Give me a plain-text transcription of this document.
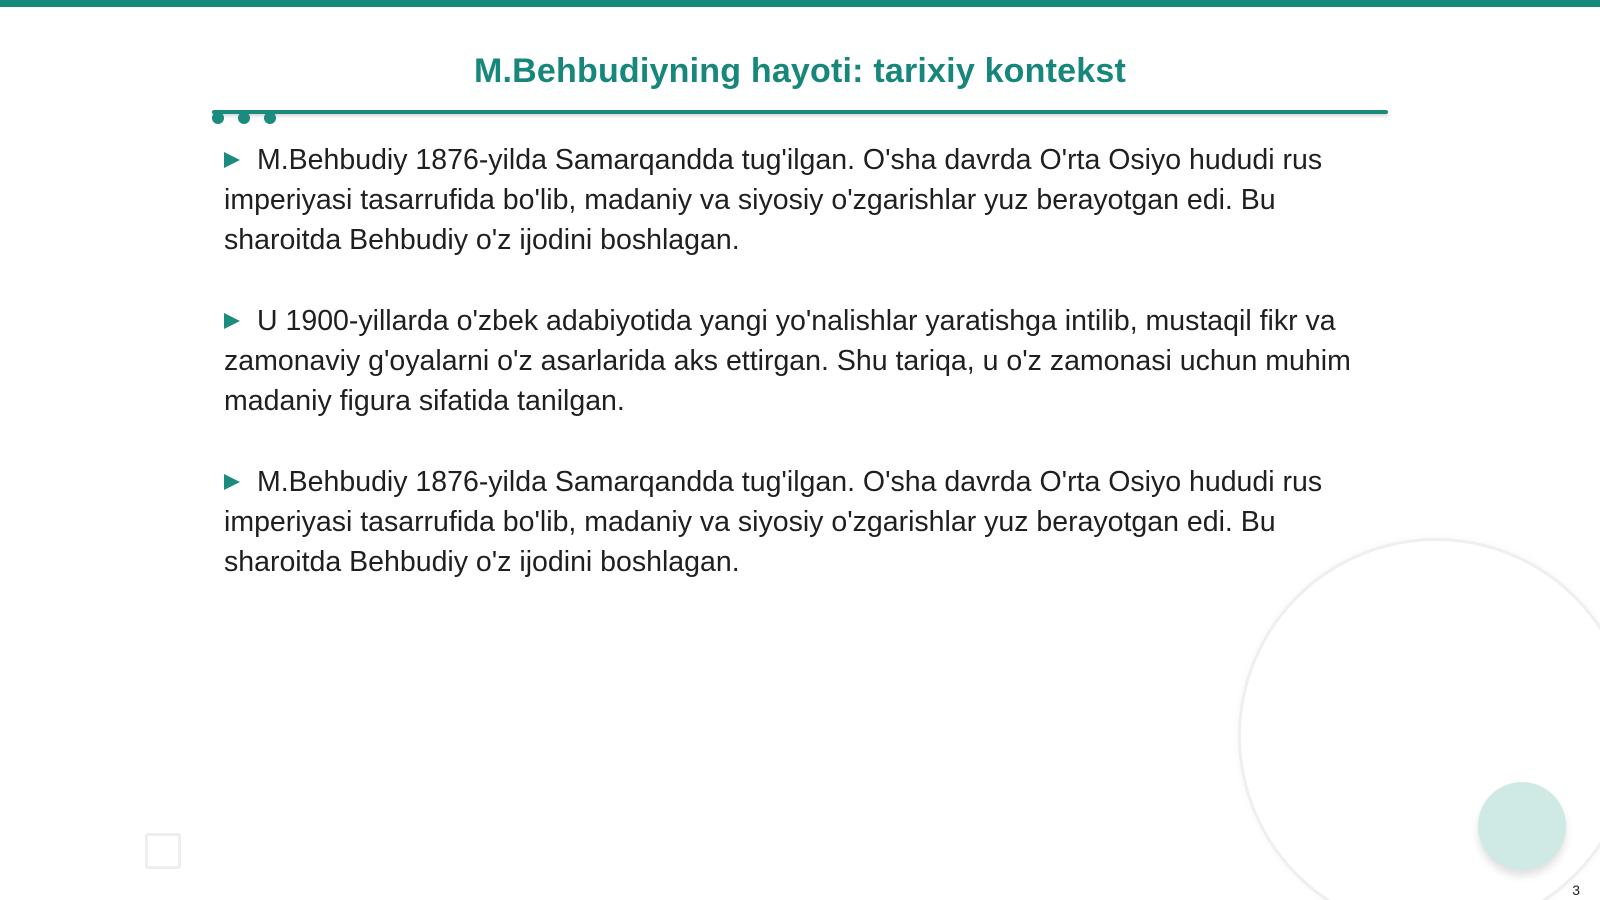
M.Behbudiyning hayoti: tarixiy kontekst

M.Behbudiy 1876-yilda Samarqandda tug'ilgan. O'sha davrda O'rta Osiyo hududi rus imperiyasi tasarrufida bo'lib, madaniy va siyosiy o'zgarishlar yuz berayotgan edi. Bu sharoitda Behbudiy o'z ijodini boshlagan.

U 1900-yillarda o'zbek adabiyotida yangi yo'nalishlar yaratishga intilib, mustaqil fikr va zamonaviy g'oyalarni o'z asarlarida aks ettirgan. Shu tariqa, u o'z zamonasi uchun muhim madaniy figura sifatida tanilgan.

M.Behbudiy 1876-yilda Samarqandda tug'ilgan. O'sha davrda O'rta Osiyo hududi rus imperiyasi tasarrufida bo'lib, madaniy va siyosiy o'zgarishlar yuz berayotgan edi. Bu sharoitda Behbudiy o'z ijodini boshlagan.

3
